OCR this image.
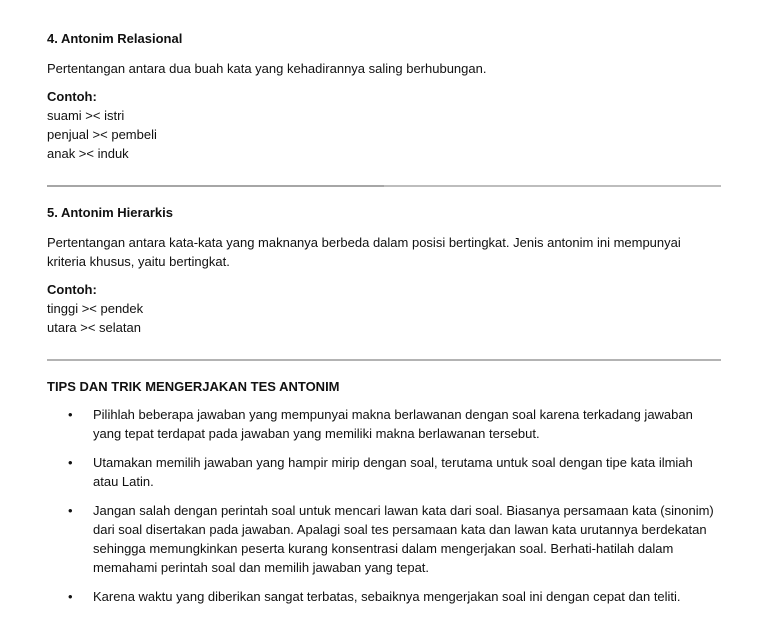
4. Antonim Relasional

Pertentangan antara dua buah kata yang kehadirannya saling berhubungan.

Contoh:

suami >< istri

penjual >< pembeli

anak >< induk

5. Antonim Hierarkis

Pertentangan antara kata-kata yang maknanya berbeda dalam posisi bertingkat. Jenis antonim ini mempunyai kriteria khusus, yaitu bertingkat.

Contoh:

tinggi >< pendek

utara >< selatan

TIPS DAN TRIK MENGERJAKAN TES ANTONIM

• Pilihlah beberapa jawaban yang mempunyai makna berlawanan dengan soal karena terkadang jawaban yang tepat terdapat pada jawaban yang memiliki makna berlawanan tersebut.
• Utamakan memilih jawaban yang hampir mirip dengan soal, terutama untuk soal dengan tipe kata ilmiah atau Latin.
• Jangan salah dengan perintah soal untuk mencari lawan kata dari soal. Biasanya persamaan kata (sinonim) dari soal disertakan pada jawaban. Apalagi soal tes persamaan kata dan lawan kata urutannya berdekatan sehingga memungkinkan peserta kurang konsentrasi dalam mengerjakan soal. Berhati-hatilah dalam memahami perintah soal dan memilih jawaban yang tepat.
• Karena waktu yang diberikan sangat terbatas, sebaiknya mengerjakan soal ini dengan cepat dan teliti.
